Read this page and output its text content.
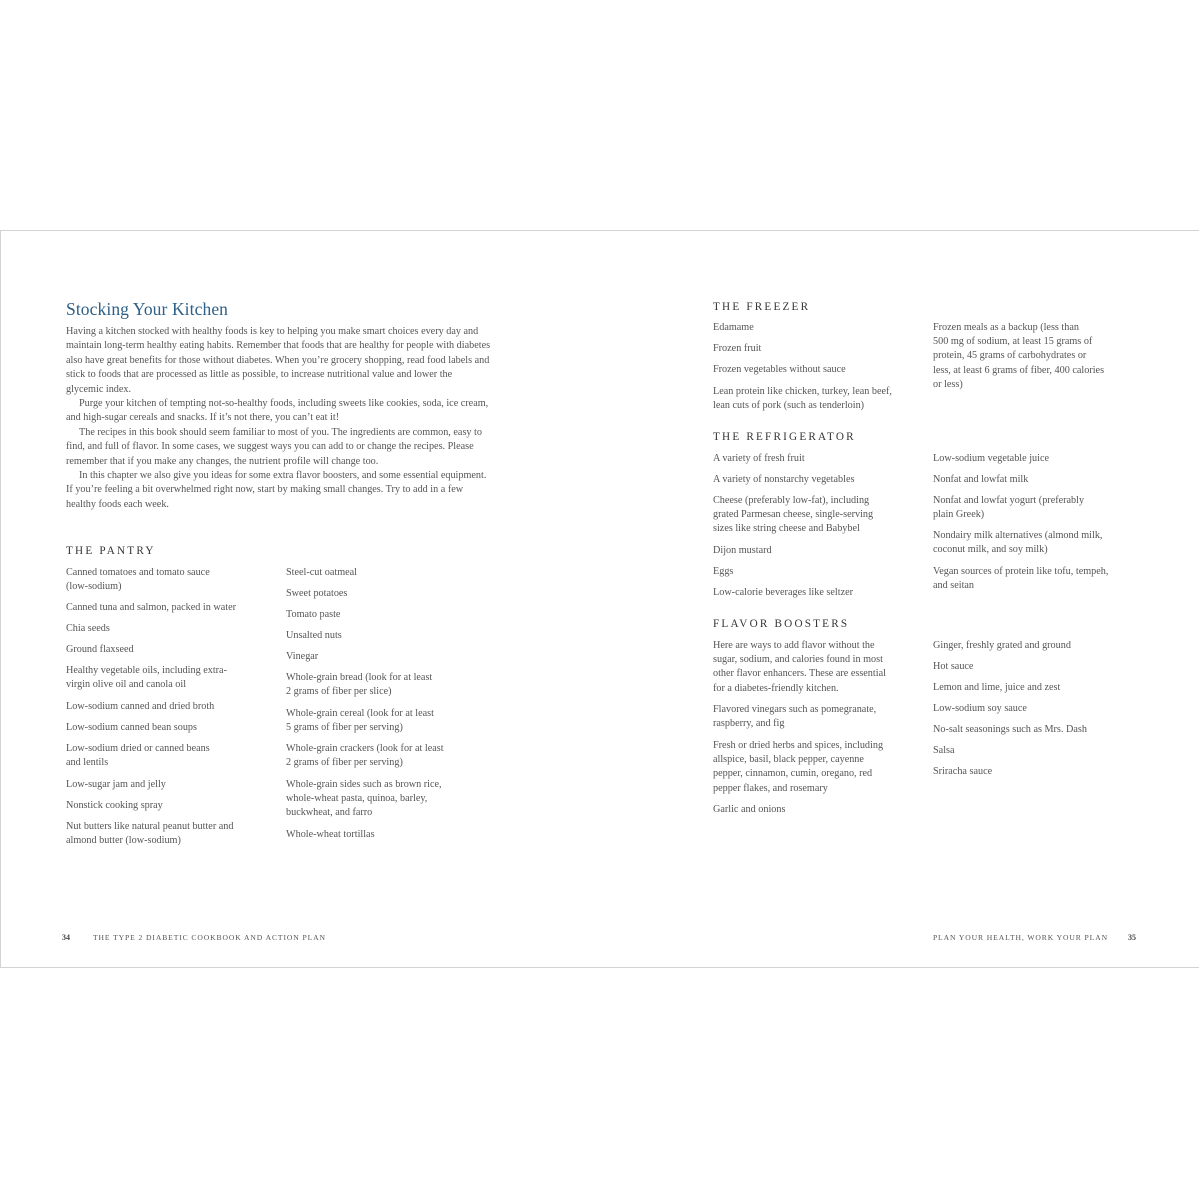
Stocking Your Kitchen

Having a kitchen stocked with healthy foods is key to helping you make smart choices every day and maintain long-term healthy eating habits. Remember that foods that are healthy for people with diabetes also have great benefits for those without diabetes. When you’re grocery shopping, read food labels and stick to foods that are processed as little as possible, to increase nutritional value and lower the glycemic index.

Purge your kitchen of tempting not-so-healthy foods, including sweets like cookies, soda, ice cream, and high-sugar cereals and snacks. If it’s not there, you can’t eat it!

The recipes in this book should seem familiar to most of you. The ingredients are common, easy to find, and full of flavor. In some cases, we suggest ways you can add to or change the recipes. Please remember that if you make any changes, the nutrient profile will change too.

In this chapter we also give you ideas for some extra flavor boosters, and some essential equipment. If you’re feeling a bit overwhelmed right now, start by making small changes. Try to add in a few healthy foods each week.

THE PANTRY
Canned tomatoes and tomato sauce
(low-sodium)
Canned tuna and salmon, packed in water
Chia seeds
Ground flaxseed
Healthy vegetable oils, including extra-
virgin olive oil and canola oil
Low-sodium canned and dried broth
Low-sodium canned bean soups
Low-sodium dried or canned beans
and lentils
Low-sugar jam and jelly
Nonstick cooking spray
Nut butters like natural peanut butter and
almond butter (low-sodium)
Steel-cut oatmeal
Sweet potatoes
Tomato paste
Unsalted nuts
Vinegar
Whole-grain bread (look for at least
2 grams of fiber per slice)
Whole-grain cereal (look for at least
5 grams of fiber per serving)
Whole-grain crackers (look for at least
2 grams of fiber per serving)
Whole-grain sides such as brown rice,
whole-wheat pasta, quinoa, barley,
buckwheat, and farro
Whole-wheat tortillas
34	THE TYPE 2 DIABETIC COOKBOOK AND ACTION PLAN
THE FREEZER
Edamame
Frozen fruit
Frozen vegetables without sauce
Lean protein like chicken, turkey, lean beef,
lean cuts of pork (such as tenderloin)
Frozen meals as a backup (less than
500 mg of sodium, at least 15 grams of
protein, 45 grams of carbohydrates or
less, at least 6 grams of fiber, 400 calories
or less)
THE REFRIGERATOR
A variety of fresh fruit
A variety of nonstarchy vegetables
Cheese (preferably low-fat), including
grated Parmesan cheese, single-serving
sizes like string cheese and Babybel
Dijon mustard
Eggs
Low-calorie beverages like seltzer
Low-sodium vegetable juice
Nonfat and lowfat milk
Nonfat and lowfat yogurt (preferably
plain Greek)
Nondairy milk alternatives (almond milk,
coconut milk, and soy milk)
Vegan sources of protein like tofu, tempeh,
and seitan
FLAVOR BOOSTERS
Here are ways to add flavor without the
sugar, sodium, and calories found in most
other flavor enhancers. These are essential
for a diabetes-friendly kitchen.
Flavored vinegars such as pomegranate,
raspberry, and fig
Fresh or dried herbs and spices, including
allspice, basil, black pepper, cayenne
pepper, cinnamon, cumin, oregano, red
pepper flakes, and rosemary
Garlic and onions
Ginger, freshly grated and ground
Hot sauce
Lemon and lime, juice and zest
Low-sodium soy sauce
No-salt seasonings such as Mrs. Dash
Salsa
Sriracha sauce
PLAN YOUR HEALTH, WORK YOUR PLAN	35
